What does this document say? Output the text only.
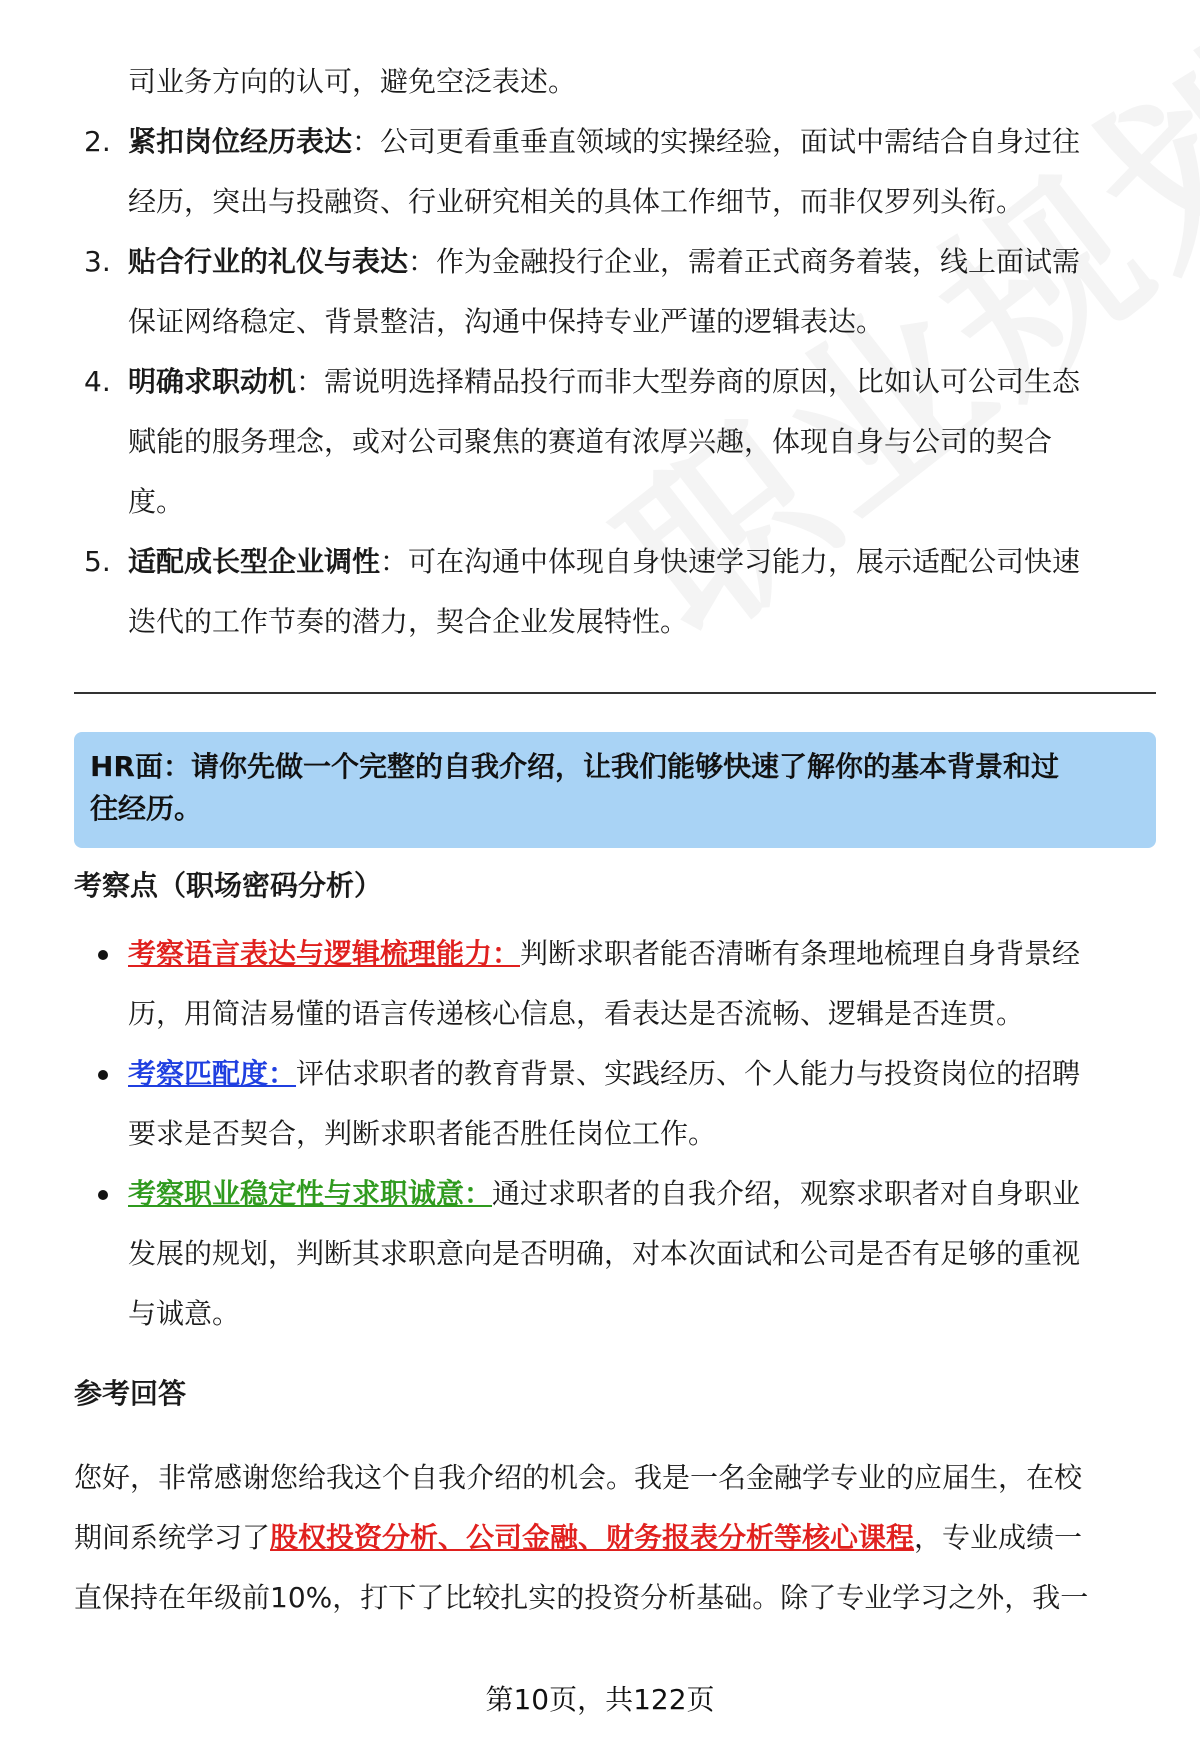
司业务方向的认可，避免空泛表述。

2. 紧扣岗位经历表达：公司更看重垂直领域的实操经验，面试中需结合自身过往
经历，突出与投融资、行业研究相关的具体工作细节，而非仅罗列头衔。
3. 贴合行业的礼仪与表达：作为金融投行企业，需着正式商务着装，线上面试需
保证网络稳定、背景整洁，沟通中保持专业严谨的逻辑表达。
4. 明确求职动机：需说明选择精品投行而非大型券商的原因，比如认可公司生态
赋能的服务理念，或对公司聚焦的赛道有浓厚兴趣，体现自身与公司的契合
度。
5. 适配成长型企业调性：可在沟通中体现自身快速学习能力，展示适配公司快速
迭代的工作节奏的潜力，契合企业发展特性。
HR面：请你先做一个完整的自我介绍，让我们能够快速了解你的基本背景和过
往经历。
考察点（职场密码分析）
考察语言表达与逻辑梳理能力：判断求职者能否清晰有条理地梳理自身背景经
历，用简洁易懂的语言传递核心信息，看表达是否流畅、逻辑是否连贯。
考察匹配度：评估求职者的教育背景、实践经历、个人能力与投资岗位的招聘
要求是否契合，判断求职者能否胜任岗位工作。
考察职业稳定性与求职诚意：通过求职者的自我介绍，观察求职者对自身职业
发展的规划，判断其求职意向是否明确，对本次面试和公司是否有足够的重视
与诚意。
参考回答
您好，非常感谢您给我这个自我介绍的机会。我是一名金融学专业的应届生，在校
期间系统学习了股权投资分析、公司金融、财务报表分析等核心课程，专业成绩一
直保持在年级前10%，打下了比较扎实的投资分析基础。除了专业学习之外，我一
第10页，共122页
